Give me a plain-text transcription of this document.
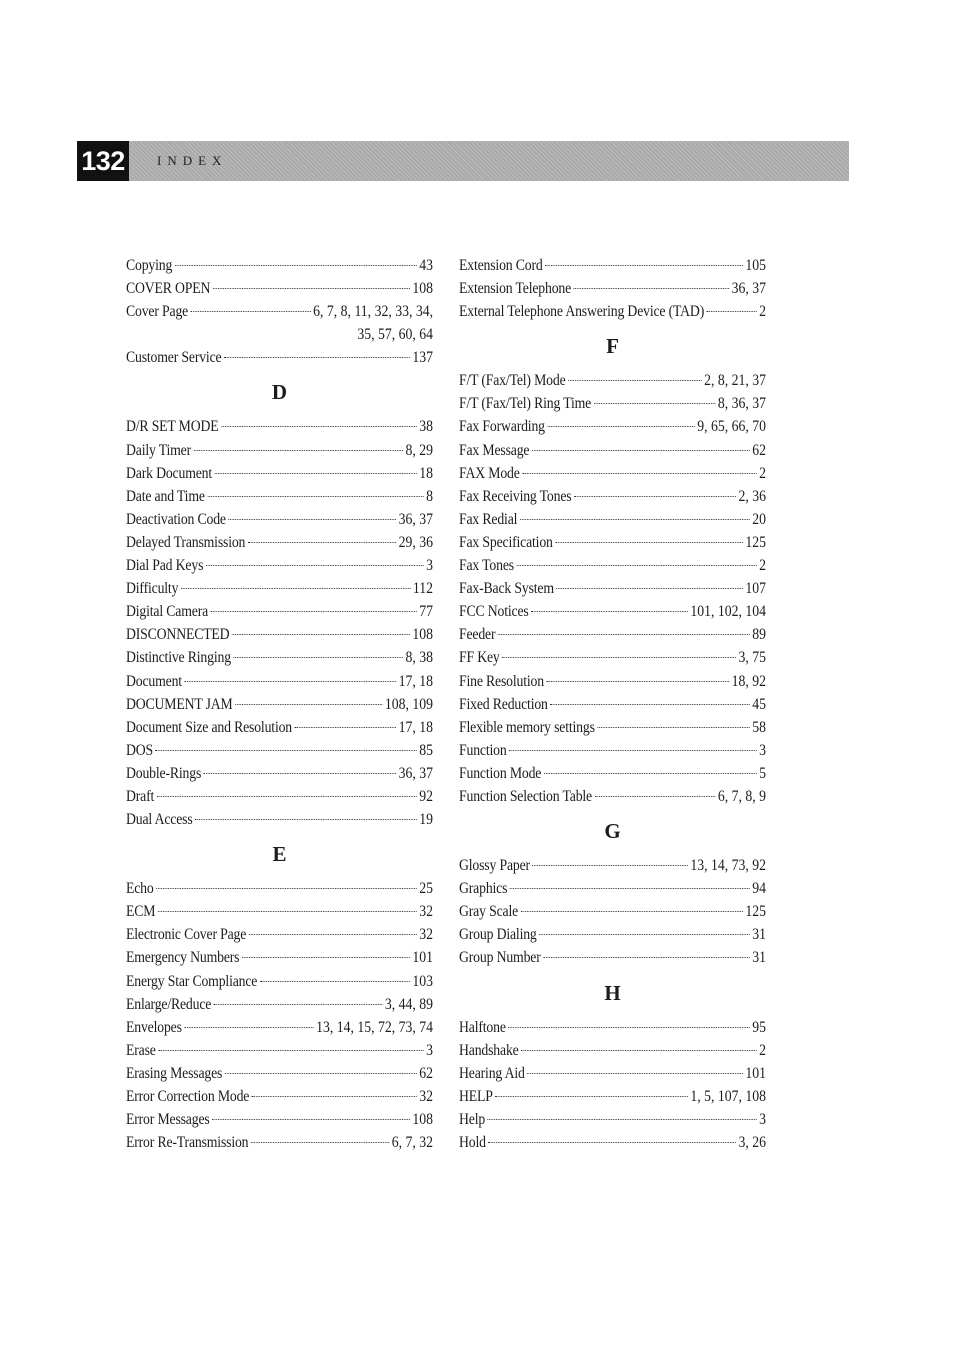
132	INDEX
Copying	43
COVER OPEN	108
Cover Page	6, 7, 8, 11, 32, 33, 34,
35, 57, 60, 64
Customer Service	137
D
D/R SET MODE	38
Daily Timer	8, 29
Dark Document	18
Date and Time	8
Deactivation Code	36, 37
Delayed Transmission	29, 36
Dial Pad Keys	3
Difficulty	112
Digital Camera	77
DISCONNECTED	108
Distinctive Ringing	8, 38
Document	17, 18
DOCUMENT JAM	108, 109
Document Size and Resolution	17, 18
DOS	85
Double-Rings	36, 37
Draft	92
Dual Access	19
E
Echo	25
ECM	32
Electronic Cover Page	32
Emergency Numbers	101
Energy Star Compliance	103
Enlarge/Reduce	3, 44, 89
Envelopes	13, 14, 15, 72, 73, 74
Erase	3
Erasing Messages	62
Error Correction Mode	32
Error Messages	108
Error Re-Transmission	6, 7, 32
Extension Cord	105
Extension Telephone	36, 37
External Telephone Answering Device (TAD)	2
F
F/T (Fax/Tel) Mode	2, 8, 21, 37
F/T (Fax/Tel) Ring Time	8, 36, 37
Fax Forwarding	9, 65, 66, 70
Fax Message	62
FAX Mode	2
Fax Receiving Tones	2, 36
Fax Redial	20
Fax Specification	125
Fax Tones	2
Fax-Back System	107
FCC Notices	101, 102, 104
Feeder	89
FF Key	3, 75
Fine Resolution	18, 92
Fixed Reduction	45
Flexible memory settings	58
Function	3
Function Mode	5
Function Selection Table	6, 7, 8, 9
G
Glossy Paper	13, 14, 73, 92
Graphics	94
Gray Scale	125
Group Dialing	31
Group Number	31
H
Halftone	95
Handshake	2
Hearing Aid	101
HELP	1, 5, 107, 108
Help	3
Hold	3, 26
